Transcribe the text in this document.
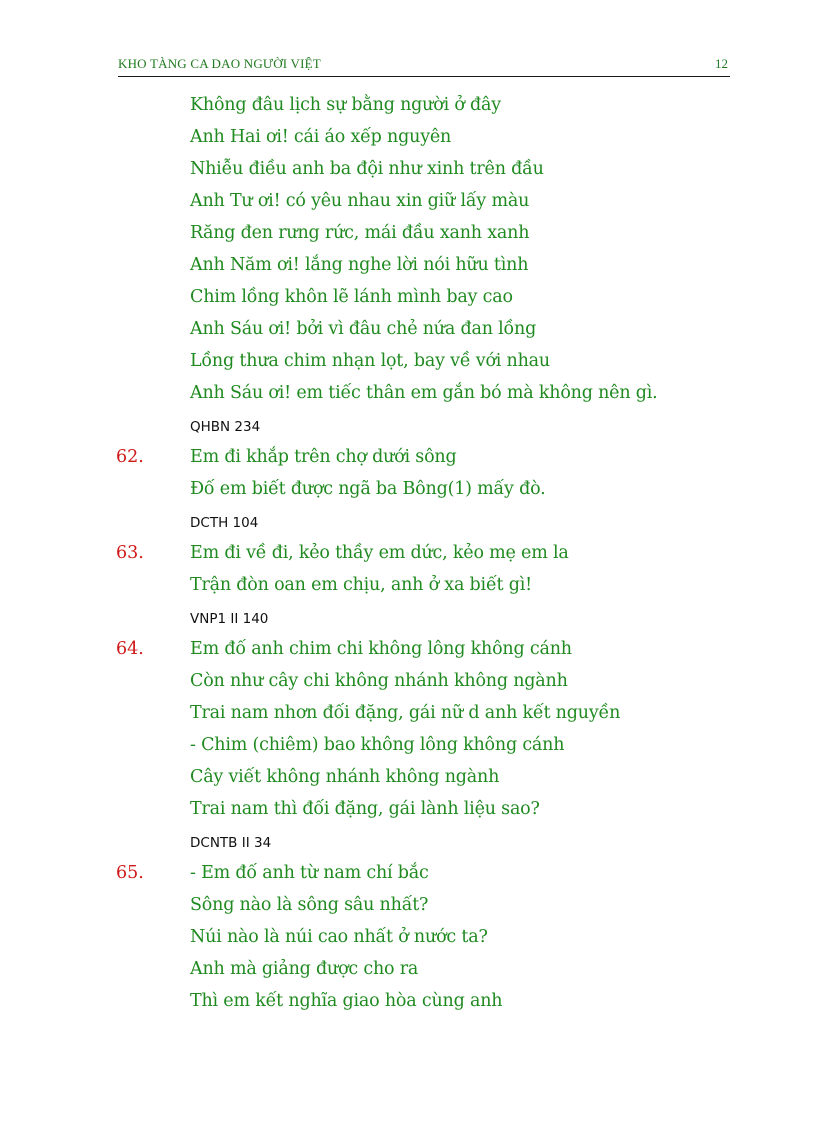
KHO TÀNG CA DAO NGƯỜI VIỆT	12
Không đâu lịch sự bằng người ở đây
Anh Hai ơi! cái áo xếp nguyên
Nhiễu điều anh ba đội như xinh trên đầu
Anh Tư ơi! có yêu nhau xin giữ lấy màu
Răng đen rưng rức, mái đầu xanh xanh
Anh Năm ơi! lắng nghe lời nói hữu tình
Chim lồng khôn lẽ lánh mình bay cao
Anh Sáu ơi! bởi vì đâu chẻ nứa đan lồng
Lồng thưa chim nhạn lọt, bay về với nhau
Anh Sáu ơi! em tiếc thân em gắn bó mà không nên gì.
QHBN 234
62.	Em đi khắp trên chợ dưới sông
Đố em biết được ngã ba Bông(1) mấy đò.
DCTH 104
63.	Em đi về đi, kẻo thầy em dức, kẻo mẹ em la
Trận đòn oan em chịu, anh ở xa biết gì!
VNP1 II 140
64.	Em đố anh chim chi không lông không cánh
Còn như cây chi không nhánh không ngành
Trai nam nhơn đối đặng, gái nữ d anh kết nguyền
- Chim (chiêm) bao không lông không cánh
Cây viết không nhánh không ngành
Trai nam thì đối đặng, gái lành liệu sao?
DCNTB II 34
65.	- Em đố anh từ nam chí bắc
Sông nào là sông sâu nhất?
Núi nào là núi cao nhất ở nước ta?
Anh mà giảng được cho ra
Thì em kết nghĩa giao hòa cùng anh
